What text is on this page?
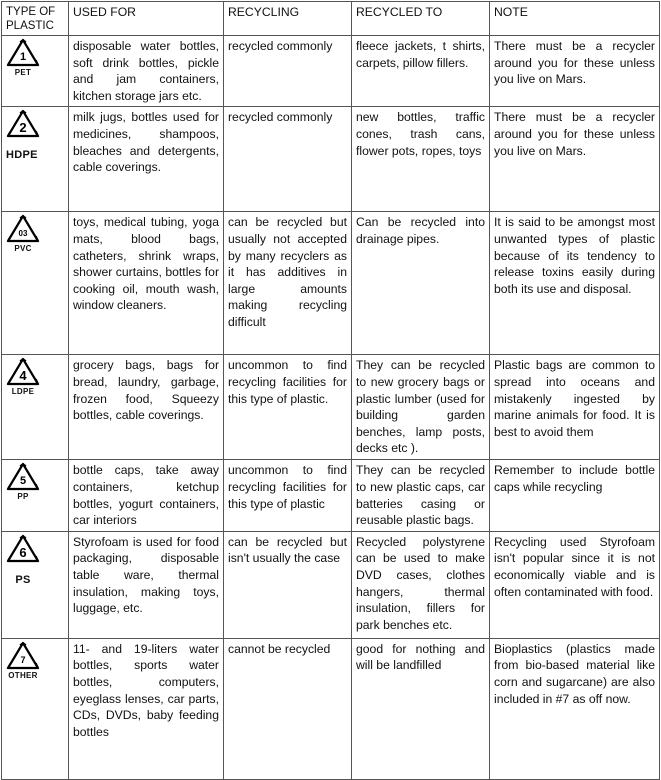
TYPE OF
PLASTIC	USED FOR	RECYCLING	RECYCLED TO	NOTE

1
PET	disposable water bottles, soft drink bottles, pickle and jam containers, kitchen storage jars etc.	recycled commonly	fleece jackets, t shirts, carpets, pillow fillers.	There must be a recycler around you for these unless you live on Mars.

2
HDPE	milk jugs, bottles used for medicines, shampoos, bleaches and detergents, cable coverings.	recycled commonly	new bottles, traffic cones, trash cans, flower pots, ropes, toys	There must be a recycler around you for these unless you live on Mars.

03
PVC	toys, medical tubing, yoga mats, blood bags, catheters, shrink wraps, shower curtains, bottles for cooking oil, mouth wash, window cleaners.	can be recycled but usually not accepted by many recyclers as it has additives in large amounts making recycling difficult	Can be recycled into drainage pipes.	It is said to be amongst most unwanted types of plastic because of its tendency to release toxins easily during both its use and disposal.

4
LDPE	grocery bags, bags for bread, laundry, garbage, frozen food, Squeezy bottles, cable coverings.	uncommon to find recycling facilities for this type of plastic.	They can be recycled to new grocery bags or plastic lumber (used for building garden benches, lamp posts, decks etc ).	Plastic bags are common to spread into oceans and mistakenly ingested by marine animals for food. It is best to avoid them

5
PP	bottle caps, take away containers, ketchup bottles, yogurt containers, car interiors	uncommon to find recycling facilities for this type of plastic	They can be recycled to new plastic caps, car batteries casing or reusable plastic bags.	Remember to include bottle caps while recycling

6
PS	Styrofoam is used for food packaging, disposable table ware, thermal insulation, making toys, luggage, etc.	can be recycled but isn't usually the case	Recycled polystyrene can be used to make DVD cases, clothes hangers, thermal insulation, fillers for park benches etc.	Recycling used Styrofoam isn't popular since it is not economically viable and is often contaminated with food.

7
OTHER	11- and 19-liters water bottles, sports water bottles, computers, eyeglass lenses, car parts, CDs, DVDs, baby feeding bottles	cannot be recycled	good for nothing and will be landfilled	Bioplastics (plastics made from bio-based material like corn and sugarcane) are also included in #7 as off now.
